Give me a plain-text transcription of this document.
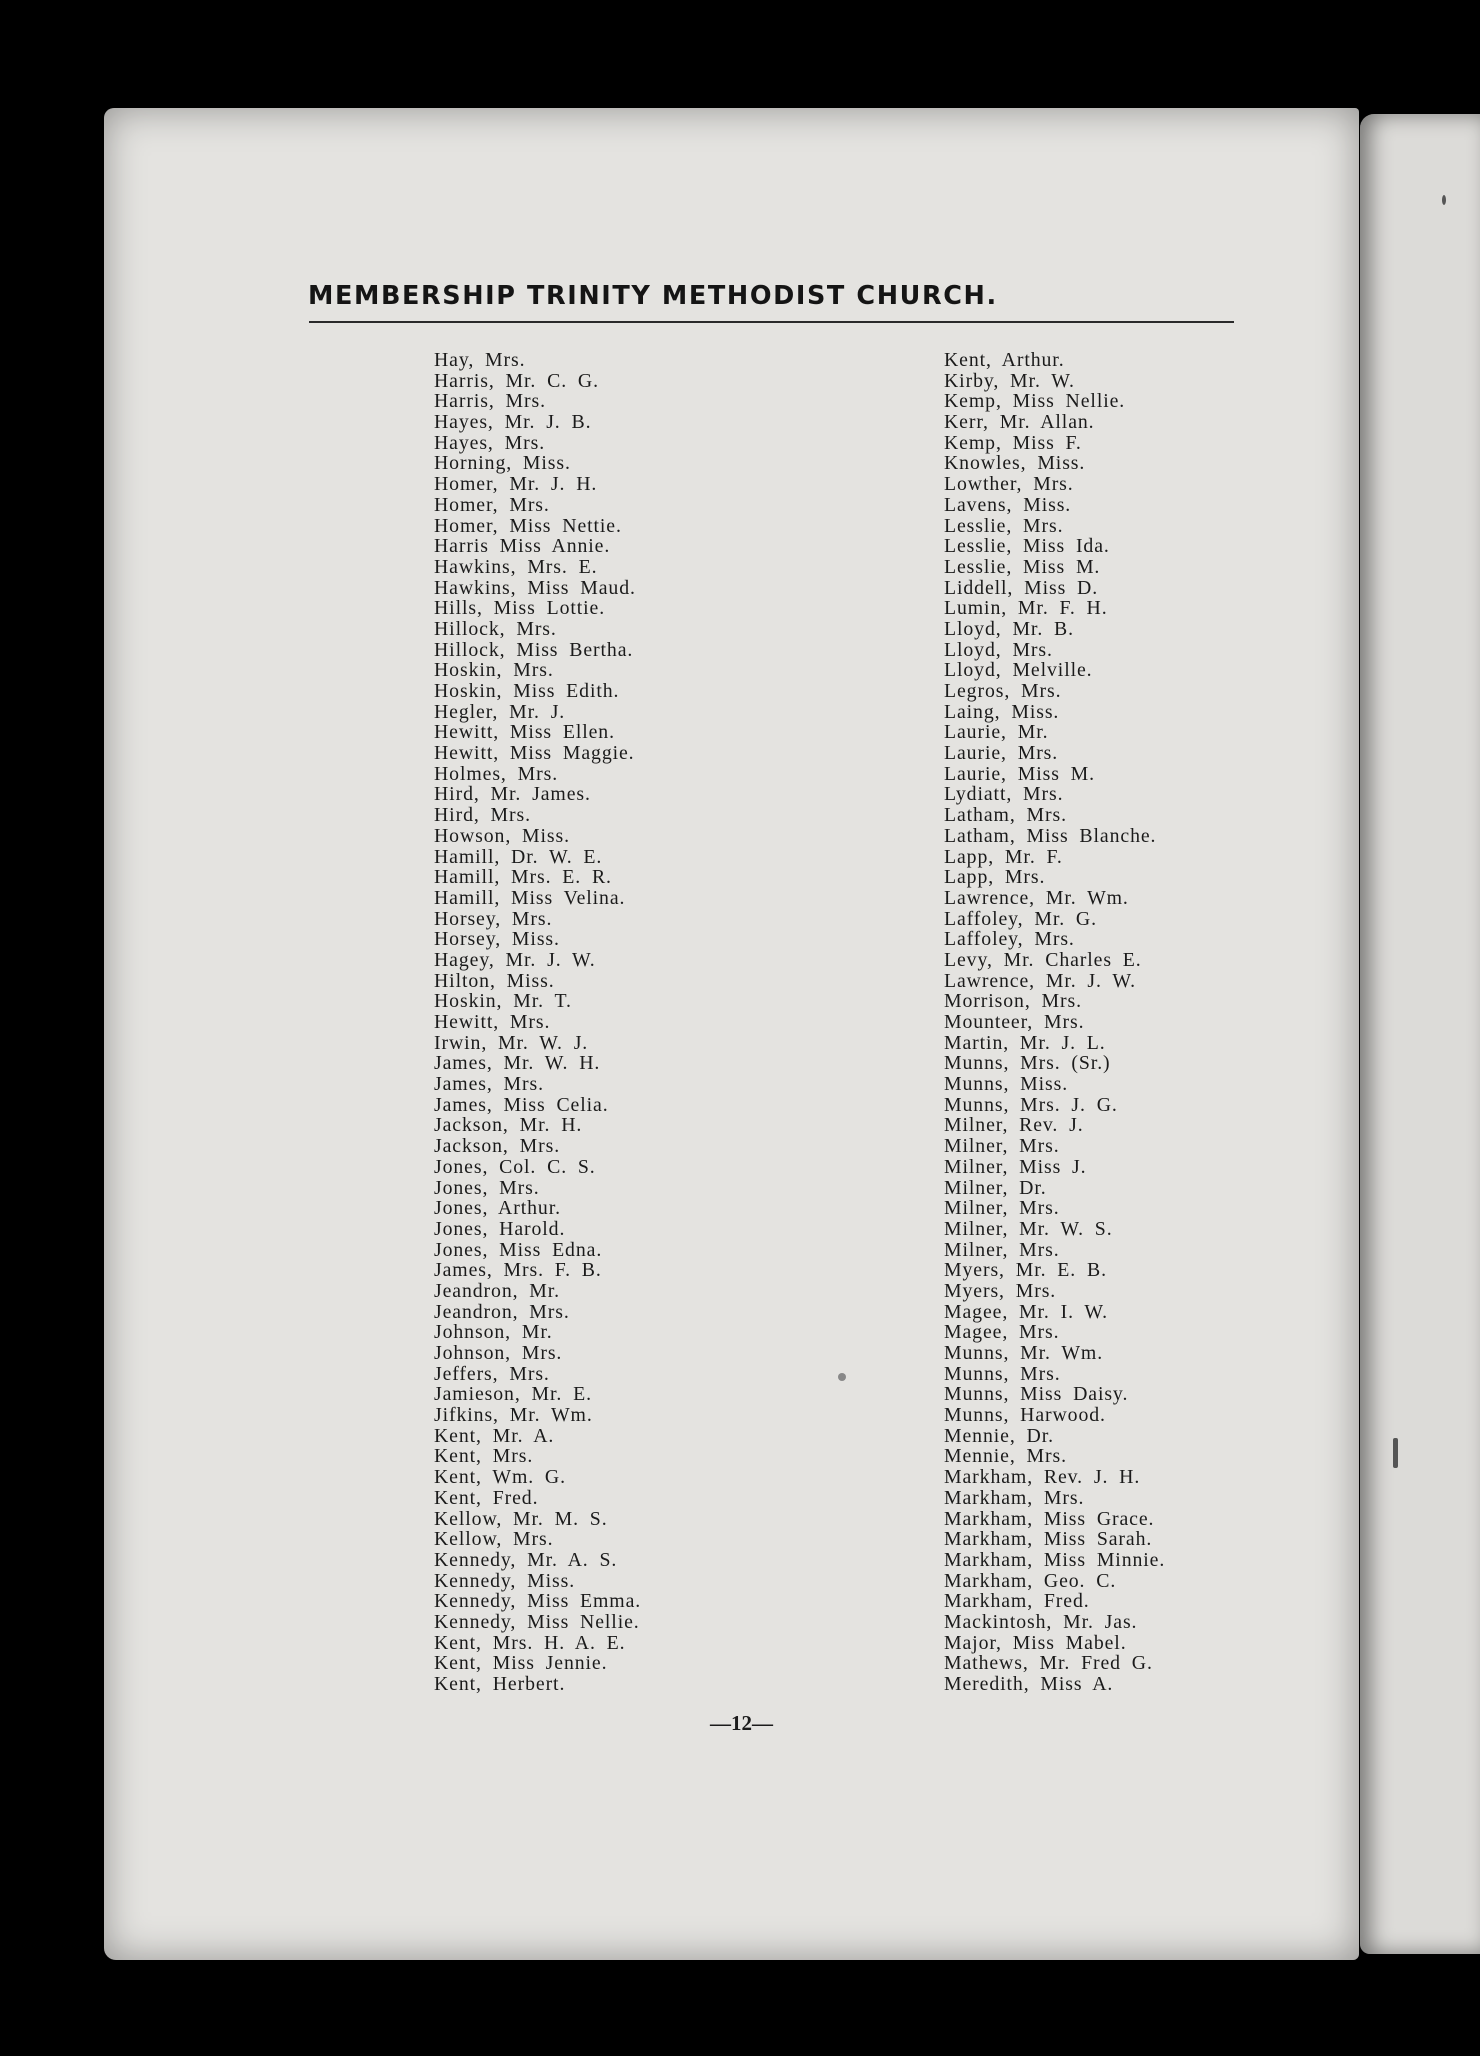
MEMBERSHIP TRINITY METHODIST CHURCH.
Hay, Mrs.
Harris, Mr. C. G.
Harris, Mrs.
Hayes, Mr. J. B.
Hayes, Mrs.
Horning, Miss.
Homer, Mr. J. H.
Homer, Mrs.
Homer, Miss Nettie.
Harris Miss Annie.
Hawkins, Mrs. E.
Hawkins, Miss Maud.
Hills, Miss Lottie.
Hillock, Mrs.
Hillock, Miss Bertha.
Hoskin, Mrs.
Hoskin, Miss Edith.
Hegler, Mr. J.
Hewitt, Miss Ellen.
Hewitt, Miss Maggie.
Holmes, Mrs.
Hird, Mr. James.
Hird, Mrs.
Howson, Miss.
Hamill, Dr. W. E.
Hamill, Mrs. E. R.
Hamill, Miss Velina.
Horsey, Mrs.
Horsey, Miss.
Hagey, Mr. J. W.
Hilton, Miss.
Hoskin, Mr. T.
Hewitt, Mrs.
Irwin, Mr. W. J.
James, Mr. W. H.
James, Mrs.
James, Miss Celia.
Jackson, Mr. H.
Jackson, Mrs.
Jones, Col. C. S.
Jones, Mrs.
Jones, Arthur.
Jones, Harold.
Jones, Miss Edna.
James, Mrs. F. B.
Jeandron, Mr.
Jeandron, Mrs.
Johnson, Mr.
Johnson, Mrs.
Jeffers, Mrs.
Jamieson, Mr. E.
Jifkins, Mr. Wm.
Kent, Mr. A.
Kent, Mrs.
Kent, Wm. G.
Kent, Fred.
Kellow, Mr. M. S.
Kellow, Mrs.
Kennedy, Mr. A. S.
Kennedy, Miss.
Kennedy, Miss Emma.
Kennedy, Miss Nellie.
Kent, Mrs. H. A. E.
Kent, Miss Jennie.
Kent, Herbert.
Kent, Arthur.
Kirby, Mr. W.
Kemp, Miss Nellie.
Kerr, Mr. Allan.
Kemp, Miss F.
Knowles, Miss.
Lowther, Mrs.
Lavens, Miss.
Lesslie, Mrs.
Lesslie, Miss Ida.
Lesslie, Miss M.
Liddell, Miss D.
Lumin, Mr. F. H.
Lloyd, Mr. B.
Lloyd, Mrs.
Lloyd, Melville.
Legros, Mrs.
Laing, Miss.
Laurie, Mr.
Laurie, Mrs.
Laurie, Miss M.
Lydiatt, Mrs.
Latham, Mrs.
Latham, Miss Blanche.
Lapp, Mr. F.
Lapp, Mrs.
Lawrence, Mr. Wm.
Laffoley, Mr. G.
Laffoley, Mrs.
Levy, Mr. Charles E.
Lawrence, Mr. J. W.
Morrison, Mrs.
Mounteer, Mrs.
Martin, Mr. J. L.
Munns, Mrs. (Sr.)
Munns, Miss.
Munns, Mrs. J. G.
Milner, Rev. J.
Milner, Mrs.
Milner, Miss J.
Milner, Dr.
Milner, Mrs.
Milner, Mr. W. S.
Milner, Mrs.
Myers, Mr. E. B.
Myers, Mrs.
Magee, Mr. I. W.
Magee, Mrs.
Munns, Mr. Wm.
Munns, Mrs.
Munns, Miss Daisy.
Munns, Harwood.
Mennie, Dr.
Mennie, Mrs.
Markham, Rev. J. H.
Markham, Mrs.
Markham, Miss Grace.
Markham, Miss Sarah.
Markham, Miss Minnie.
Markham, Geo. C.
Markham, Fred.
Mackintosh, Mr. Jas.
Major, Miss Mabel.
Mathews, Mr. Fred G.
Meredith, Miss A.
—12—
